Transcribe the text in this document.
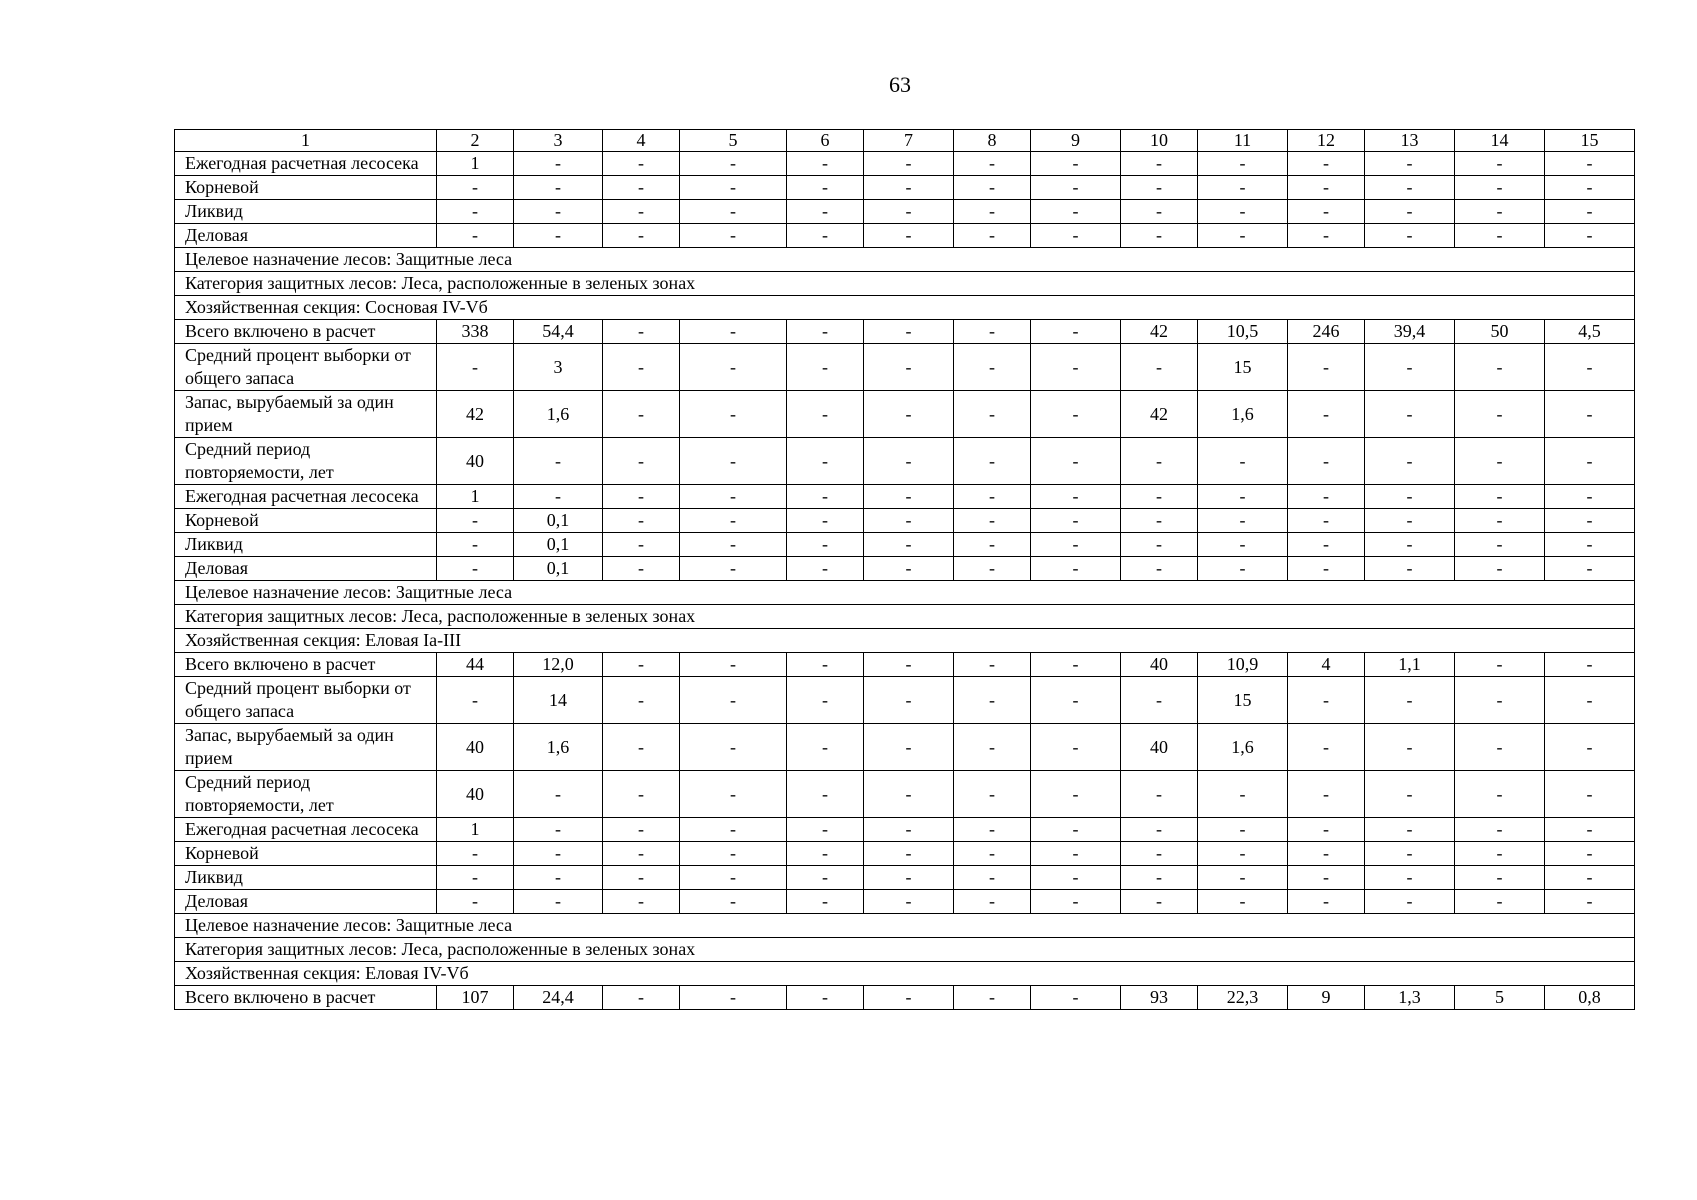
63
1	2	3	4	5	6	7	8	9	10	11	12	13	14	15
Ежегодная расчетная лесосека	1	-	-	-	-	-	-	-	-	-	-	-	-	-
Корневой	-	-	-	-	-	-	-	-	-	-	-	-	-	-
Ликвид	-	-	-	-	-	-	-	-	-	-	-	-	-	-
Деловая	-	-	-	-	-	-	-	-	-	-	-	-	-	-
Целевое назначение лесов: Защитные леса														
Категория защитных лесов: Леса, расположенные в зеленых зонах														
Хозяйственная секция: Сосновая IV-Vб														
Всего включено в расчет	338	54,4	-	-	-	-	-	-	42	10,5	246	39,4	50	4,5
Средний процент выборки от общего запаса	-	3	-	-	-	-	-	-	-	15	-	-	-	-
Запас, вырубаемый за один прием	42	1,6	-	-	-	-	-	-	42	1,6	-	-	-	-
Средний период повторяемости, лет	40	-	-	-	-	-	-	-	-	-	-	-	-	-
Ежегодная расчетная лесосека	1	-	-	-	-	-	-	-	-	-	-	-	-	-
Корневой	-	0,1	-	-	-	-	-	-	-	-	-	-	-	-
Ликвид	-	0,1	-	-	-	-	-	-	-	-	-	-	-	-
Деловая	-	0,1	-	-	-	-	-	-	-	-	-	-	-	-
Целевое назначение лесов: Защитные леса														
Категория защитных лесов: Леса, расположенные в зеленых зонах														
Хозяйственная секция: Еловая Ia-III														
Всего включено в расчет	44	12,0	-	-	-	-	-	-	40	10,9	4	1,1	-	-
Средний процент выборки от общего запаса	-	14	-	-	-	-	-	-	-	15	-	-	-	-
Запас, вырубаемый за один прием	40	1,6	-	-	-	-	-	-	40	1,6	-	-	-	-
Средний период повторяемости, лет	40	-	-	-	-	-	-	-	-	-	-	-	-	-
Ежегодная расчетная лесосека	1	-	-	-	-	-	-	-	-	-	-	-	-	-
Корневой	-	-	-	-	-	-	-	-	-	-	-	-	-	-
Ликвид	-	-	-	-	-	-	-	-	-	-	-	-	-	-
Деловая	-	-	-	-	-	-	-	-	-	-	-	-	-	-
Целевое назначение лесов: Защитные леса														
Категория защитных лесов: Леса, расположенные в зеленых зонах														
Хозяйственная секция: Еловая IV-Vб														
Всего включено в расчет	107	24,4	-	-	-	-	-	-	93	22,3	9	1,3	5	0,8
